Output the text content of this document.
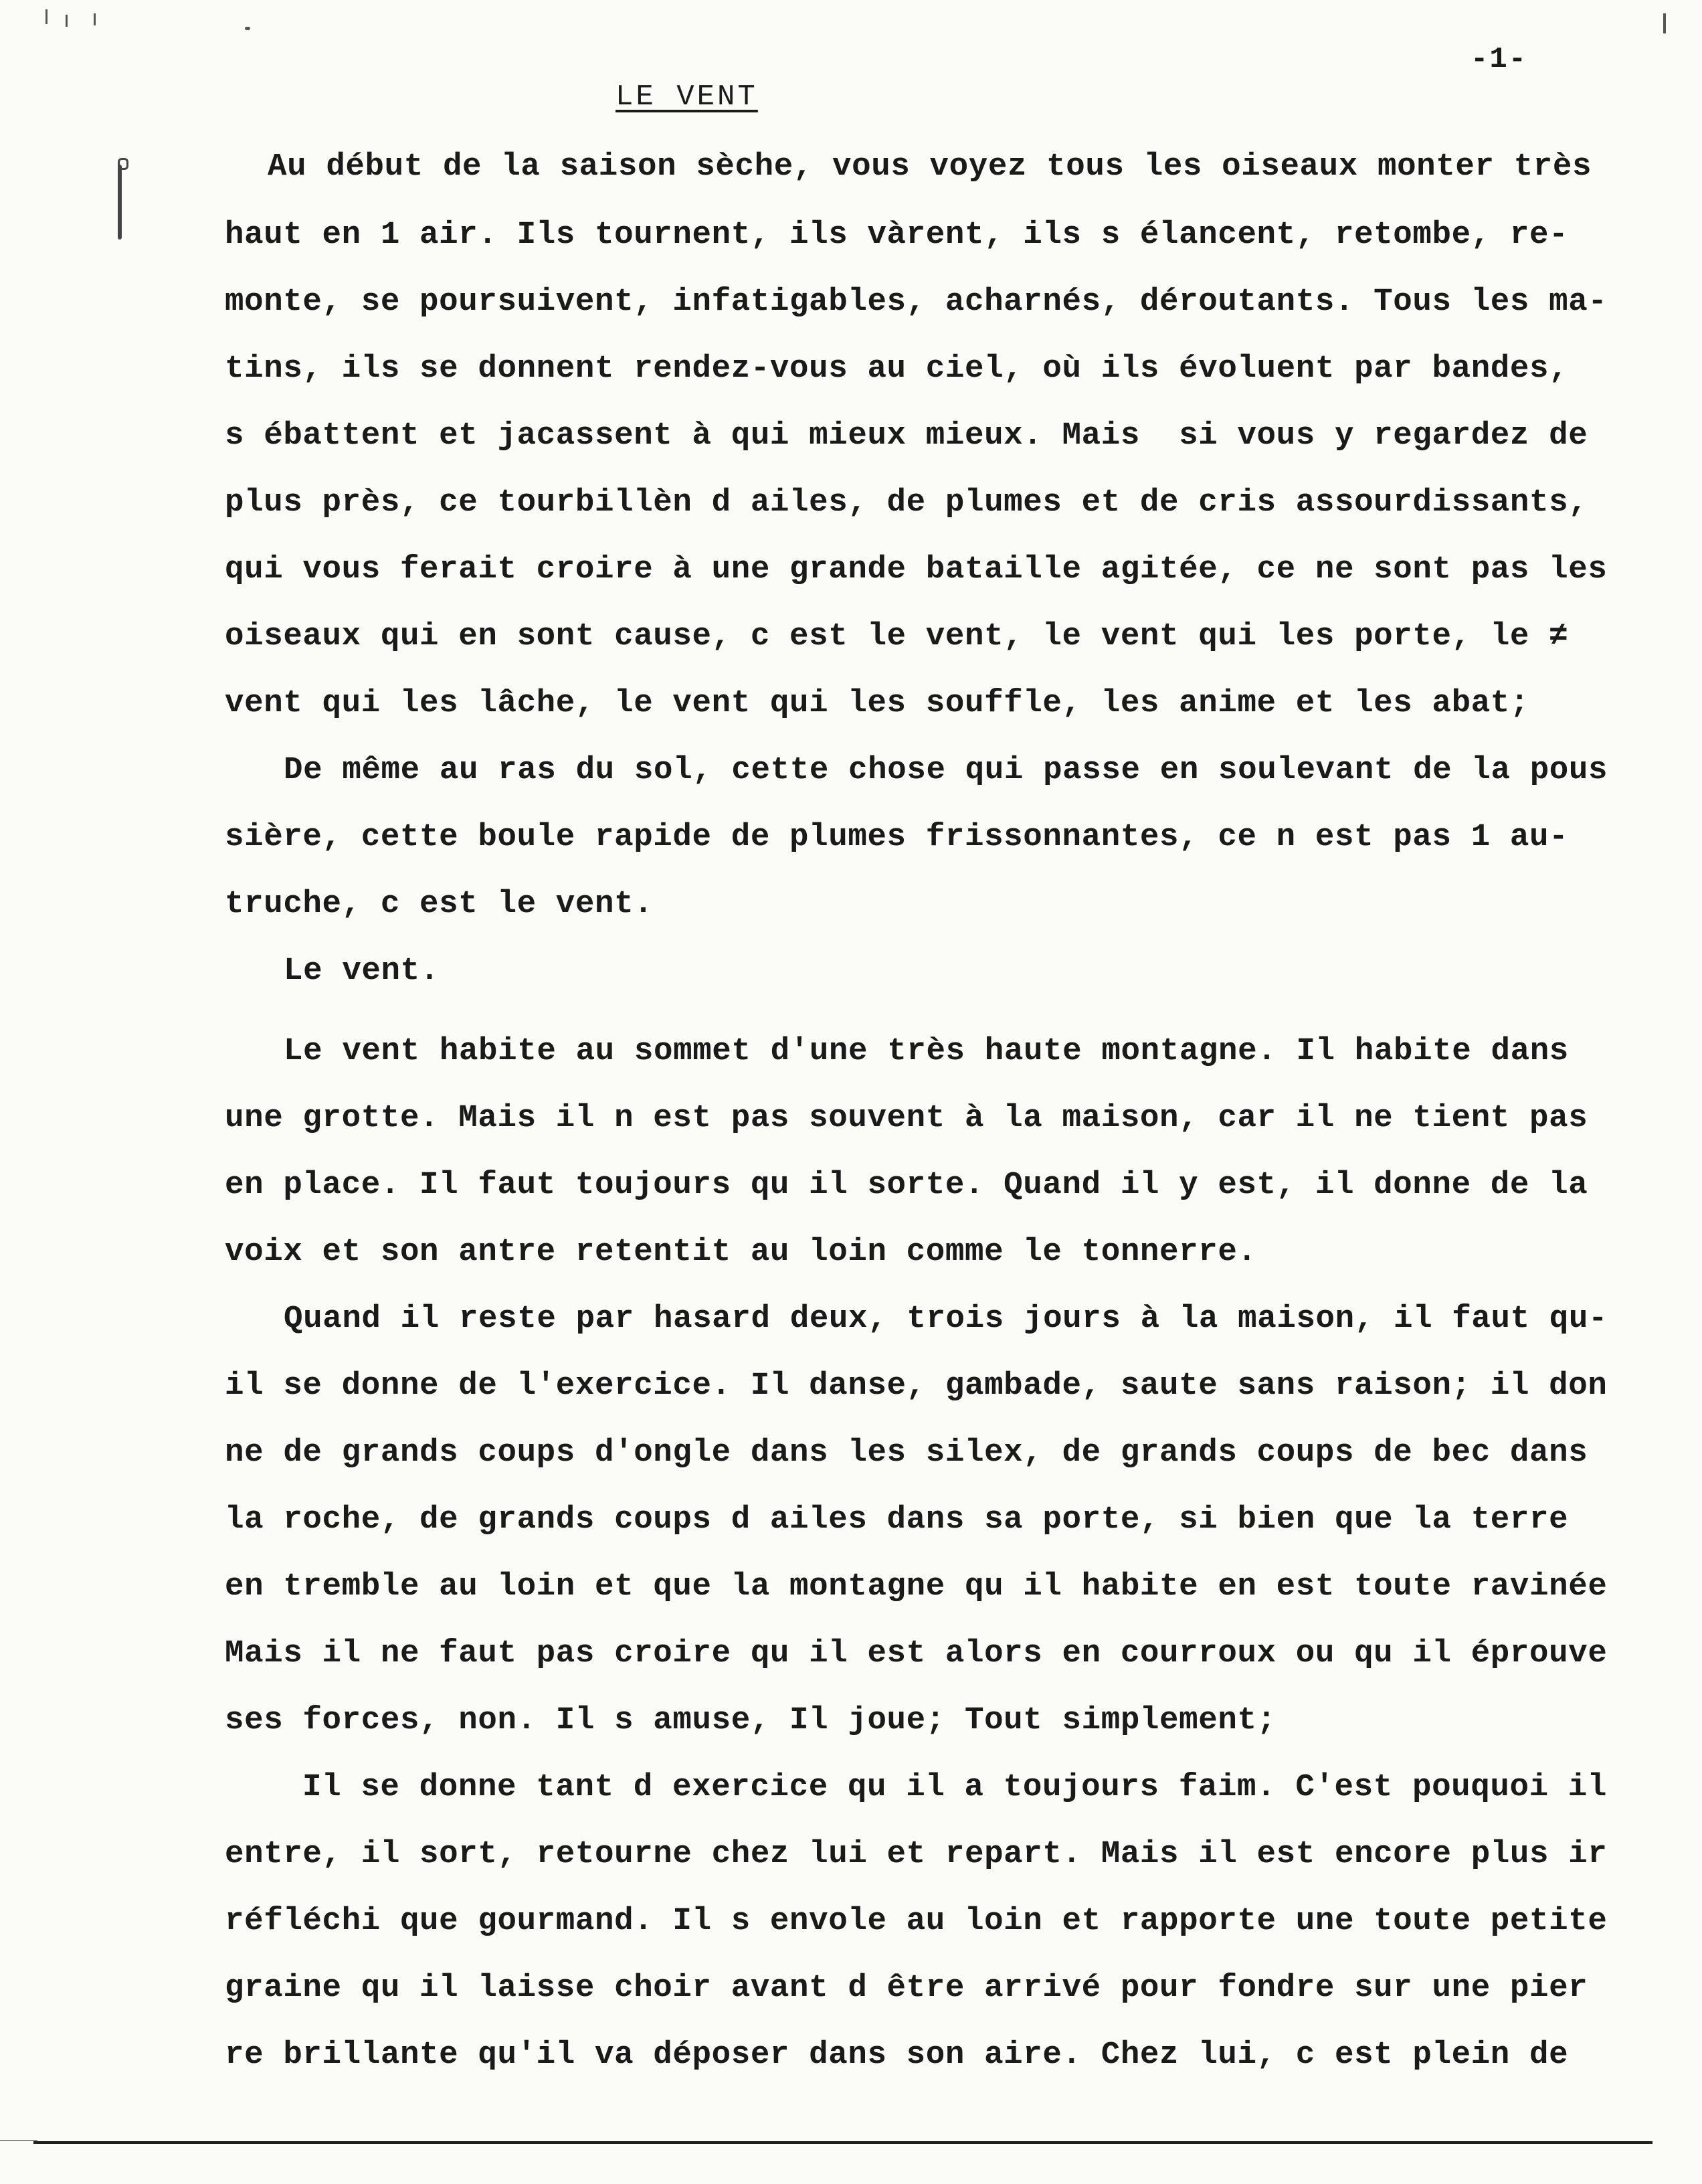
-1-
LE VENT
Au début de la saison sèche, vous voyez tous les oiseaux monter très
haut en 1 air. Ils tournent, ils vàrent, ils s élancent, retombe, re-
monte, se poursuivent, infatigables, acharnés, déroutants. Tous les ma-
tins, ils se donnent rendez-vous au ciel, où ils évoluent par bandes,
s ébattent et jacassent à qui mieux mieux. Mais  si vous y regardez de
plus près, ce tourbillèn d ailes, de plumes et de cris assourdissants,
qui vous ferait croire à une grande bataille agitée, ce ne sont pas les
oiseaux qui en sont cause, c est le vent, le vent qui les porte, le ≠
vent qui les lâche, le vent qui les souffle, les anime et les abat;
De même au ras du sol, cette chose qui passe en soulevant de la pous
sière, cette boule rapide de plumes frissonnantes, ce n est pas 1 au-
truche, c est le vent.
Le vent.
Le vent habite au sommet d'une très haute montagne. Il habite dans
une grotte. Mais il n est pas souvent à la maison, car il ne tient pas
en place. Il faut toujours qu il sorte. Quand il y est, il donne de la
voix et son antre retentit au loin comme le tonnerre.
Quand il reste par hasard deux, trois jours à la maison, il faut qu-
il se donne de l'exercice. Il danse, gambade, saute sans raison; il don
ne de grands coups d'ongle dans les silex, de grands coups de bec dans
la roche, de grands coups d ailes dans sa porte, si bien que la terre
en tremble au loin et que la montagne qu il habite en est toute ravinée
Mais il ne faut pas croire qu il est alors en courroux ou qu il éprouve
ses forces, non. Il s amuse, Il joue; Tout simplement;
Il se donne tant d exercice qu il a toujours faim. C'est pouquoi il
entre, il sort, retourne chez lui et repart. Mais il est encore plus ir
réfléchi que gourmand. Il s envole au loin et rapporte une toute petite
graine qu il laisse choir avant d être arrivé pour fondre sur une pier
re brillante qu'il va déposer dans son aire. Chez lui, c est plein de
